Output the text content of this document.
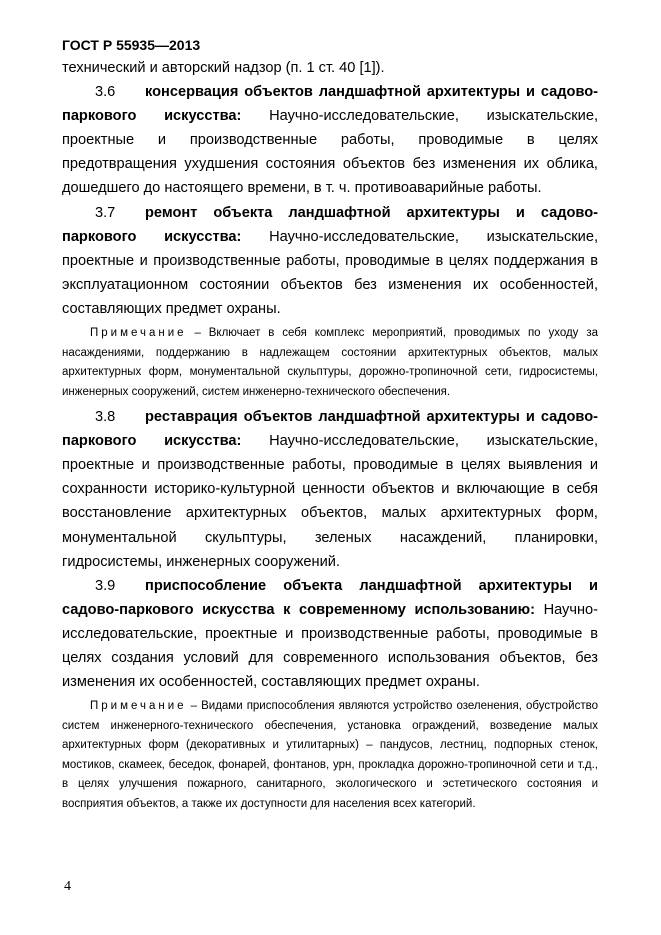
ГОСТ Р 55935—2013

технический и авторский надзор (п. 1 ст. 40 [1]).

3.6 консервация объектов ландшафтной архитектуры и садово-паркового искусства: Научно-исследовательские, изыскательские, проектные и производственные работы, проводимые в целях предотвращения ухудшения состояния объектов без изменения их облика, дошедшего до настоящего времени, в т. ч. противоаварийные работы.

3.7 ремонт объекта ландшафтной архитектуры и садово-паркового искусства: Научно-исследовательские, изыскательские, проектные и производственные работы, проводимые в целях поддержания в эксплуатационном состоянии объектов без изменения их особенностей, составляющих предмет охраны.

Примечание – Включает в себя комплекс мероприятий, проводимых по уходу за насаждениями, поддержанию в надлежащем состоянии архитектурных объектов, малых архитектурных форм, монументальной скульптуры, дорожно-тропиночной сети, гидросистемы, инженерных сооружений, систем инженерно-технического обеспечения.

3.8 реставрация объектов ландшафтной архитектуры и садово-паркового искусства: Научно-исследовательские, изыскательские, проектные и производственные работы, проводимые в целях выявления и сохранности историко-культурной ценности объектов и включающие в себя восстановление архитектурных объектов, малых архитектурных форм, монументальной скульптуры, зеленых насаждений, планировки, гидросистемы, инженерных сооружений.

3.9 приспособление объекта ландшафтной архитектуры и садово-паркового искусства к современному использованию: Научно-исследовательские, проектные и производственные работы, проводимые в целях создания условий для современного использования объектов, без изменения их особенностей, составляющих предмет охраны.

Примечание – Видами приспособления являются устройство озеленения, обустройство систем инженерного-технического обеспечения, установка ограждений, возведение малых архитектурных форм (декоративных и утилитарных) – пандусов, лестниц, подпорных стенок, мостиков, скамеек, беседок, фонарей, фонтанов, урн, прокладка дорожно-тропиночной сети и т.д., в целях улучшения пожарного, санитарного, экологического и эстетического состояния и восприятия объектов, а также их доступности для населения всех категорий.

4
